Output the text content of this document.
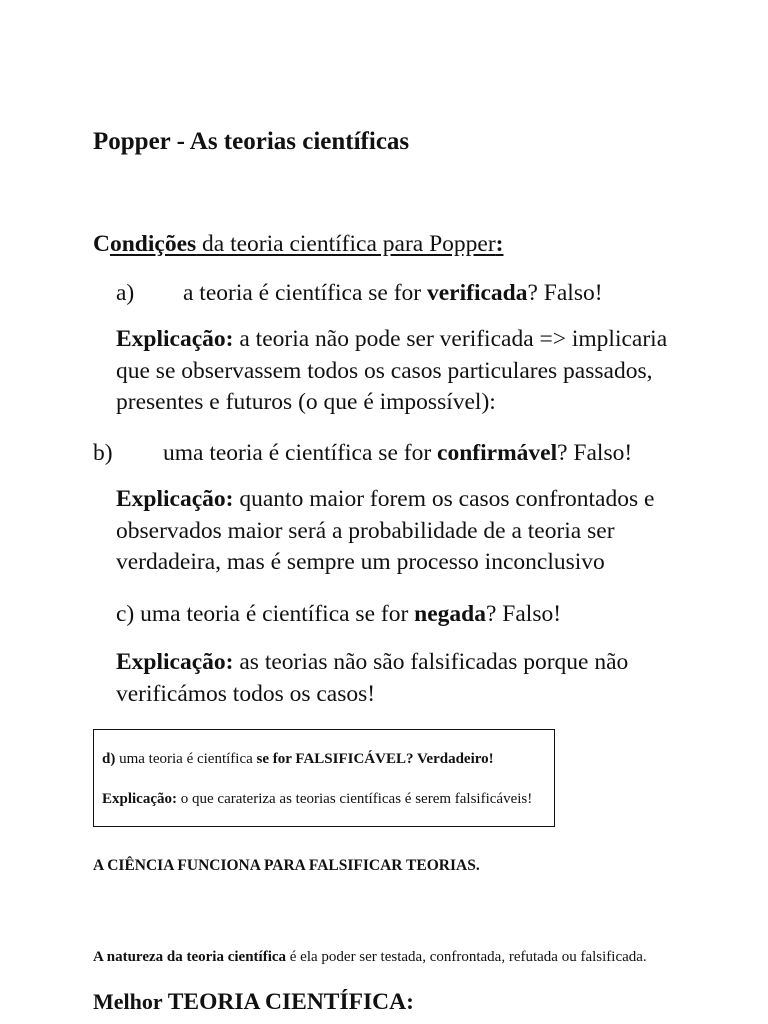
Popper - As teorias científicas
Condições da teoria científica para Popper:
a) a teoria é científica se for verificada? Falso!
Explicação: a teoria não pode ser verificada => implicaria
que se observassem todos os casos particulares passados,
presentes e futuros (o que é impossível):
b) uma teoria é científica se for confirmável? Falso!
Explicação: quanto maior forem os casos confrontados e
observados maior será a probabilidade de a teoria ser
verdadeira, mas é sempre um processo inconclusivo
c) uma teoria é científica se for negada? Falso!
Explicação: as teorias não são falsificadas porque não
verificámos todos os casos!
d) uma teoria é científica se for FALSIFICÁVEL? Verdadeiro!
Explicação: o que carateriza as teorias científicas é serem falsificáveis!
A CIÊNCIA FUNCIONA PARA FALSIFICAR TEORIAS.
A natureza da teoria científica é ela poder ser testada, confrontada, refutada ou falsificada.
Melhor TEORIA CIENTÍFICA:
